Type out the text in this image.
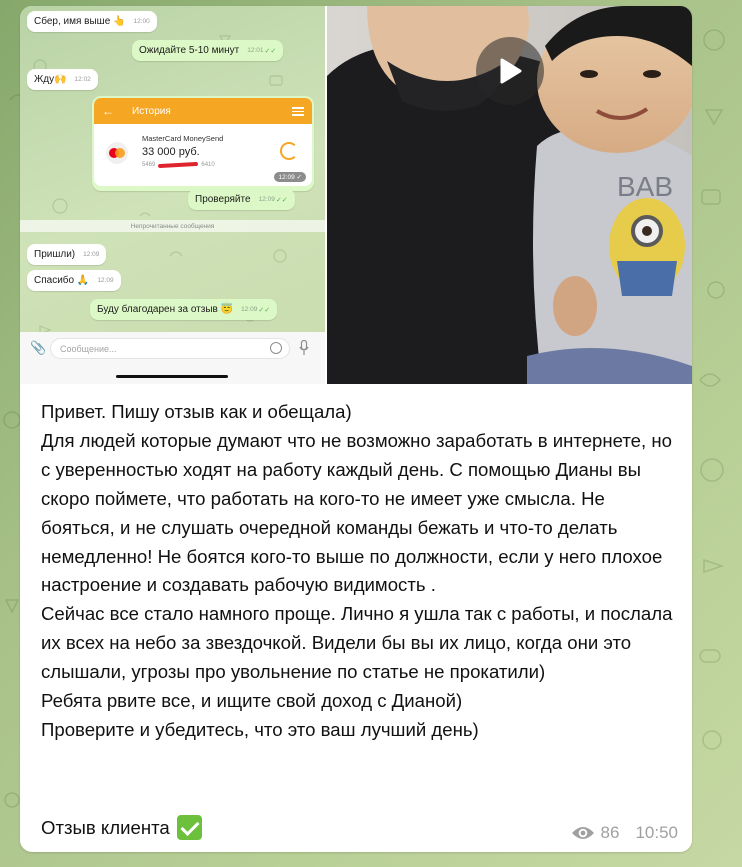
Сбер, имя выше 👆 12:00
Ожидайте 5-10 минут 12:01 ✓✓
Жду🙌 12:02
← История
MasterCard MoneySend
33 000 руб.
5469	6410
12:09 ✓
Проверяйте 12:09 ✓✓
Непрочитанные сообщения
Пришли) 12:09
Спасибо 🙏 12:09
Буду благодарен за отзыв 😇 12:09 ✓✓
📎 Сообщение...
BAB
Привет. Пишу отзыв как и обещала)
Для людей которые думают что не возможно заработать в интернете, но с уверенностью ходят на работу каждый день. С помощью Дианы вы скоро поймете, что работать на кого-то не имеет уже смысла. Не бояться, и не слушать очередной команды бежать и что-то делать немедленно! Не боятся кого-то выше по должности, если у него плохое настроение и создавать рабочую видимость .
Сейчас все стало намного проще. Лично я ушла так с работы, и послала их всех на небо за звездочкой. Видели бы вы их лицо, когда они это слышали, угрозы про увольнение по статье не прокатили)
Ребята рвите все, и ищите свой доход с Дианой)
Проверите и убедитесь, что это ваш лучший день)
Отзыв клиента	86 10:50
